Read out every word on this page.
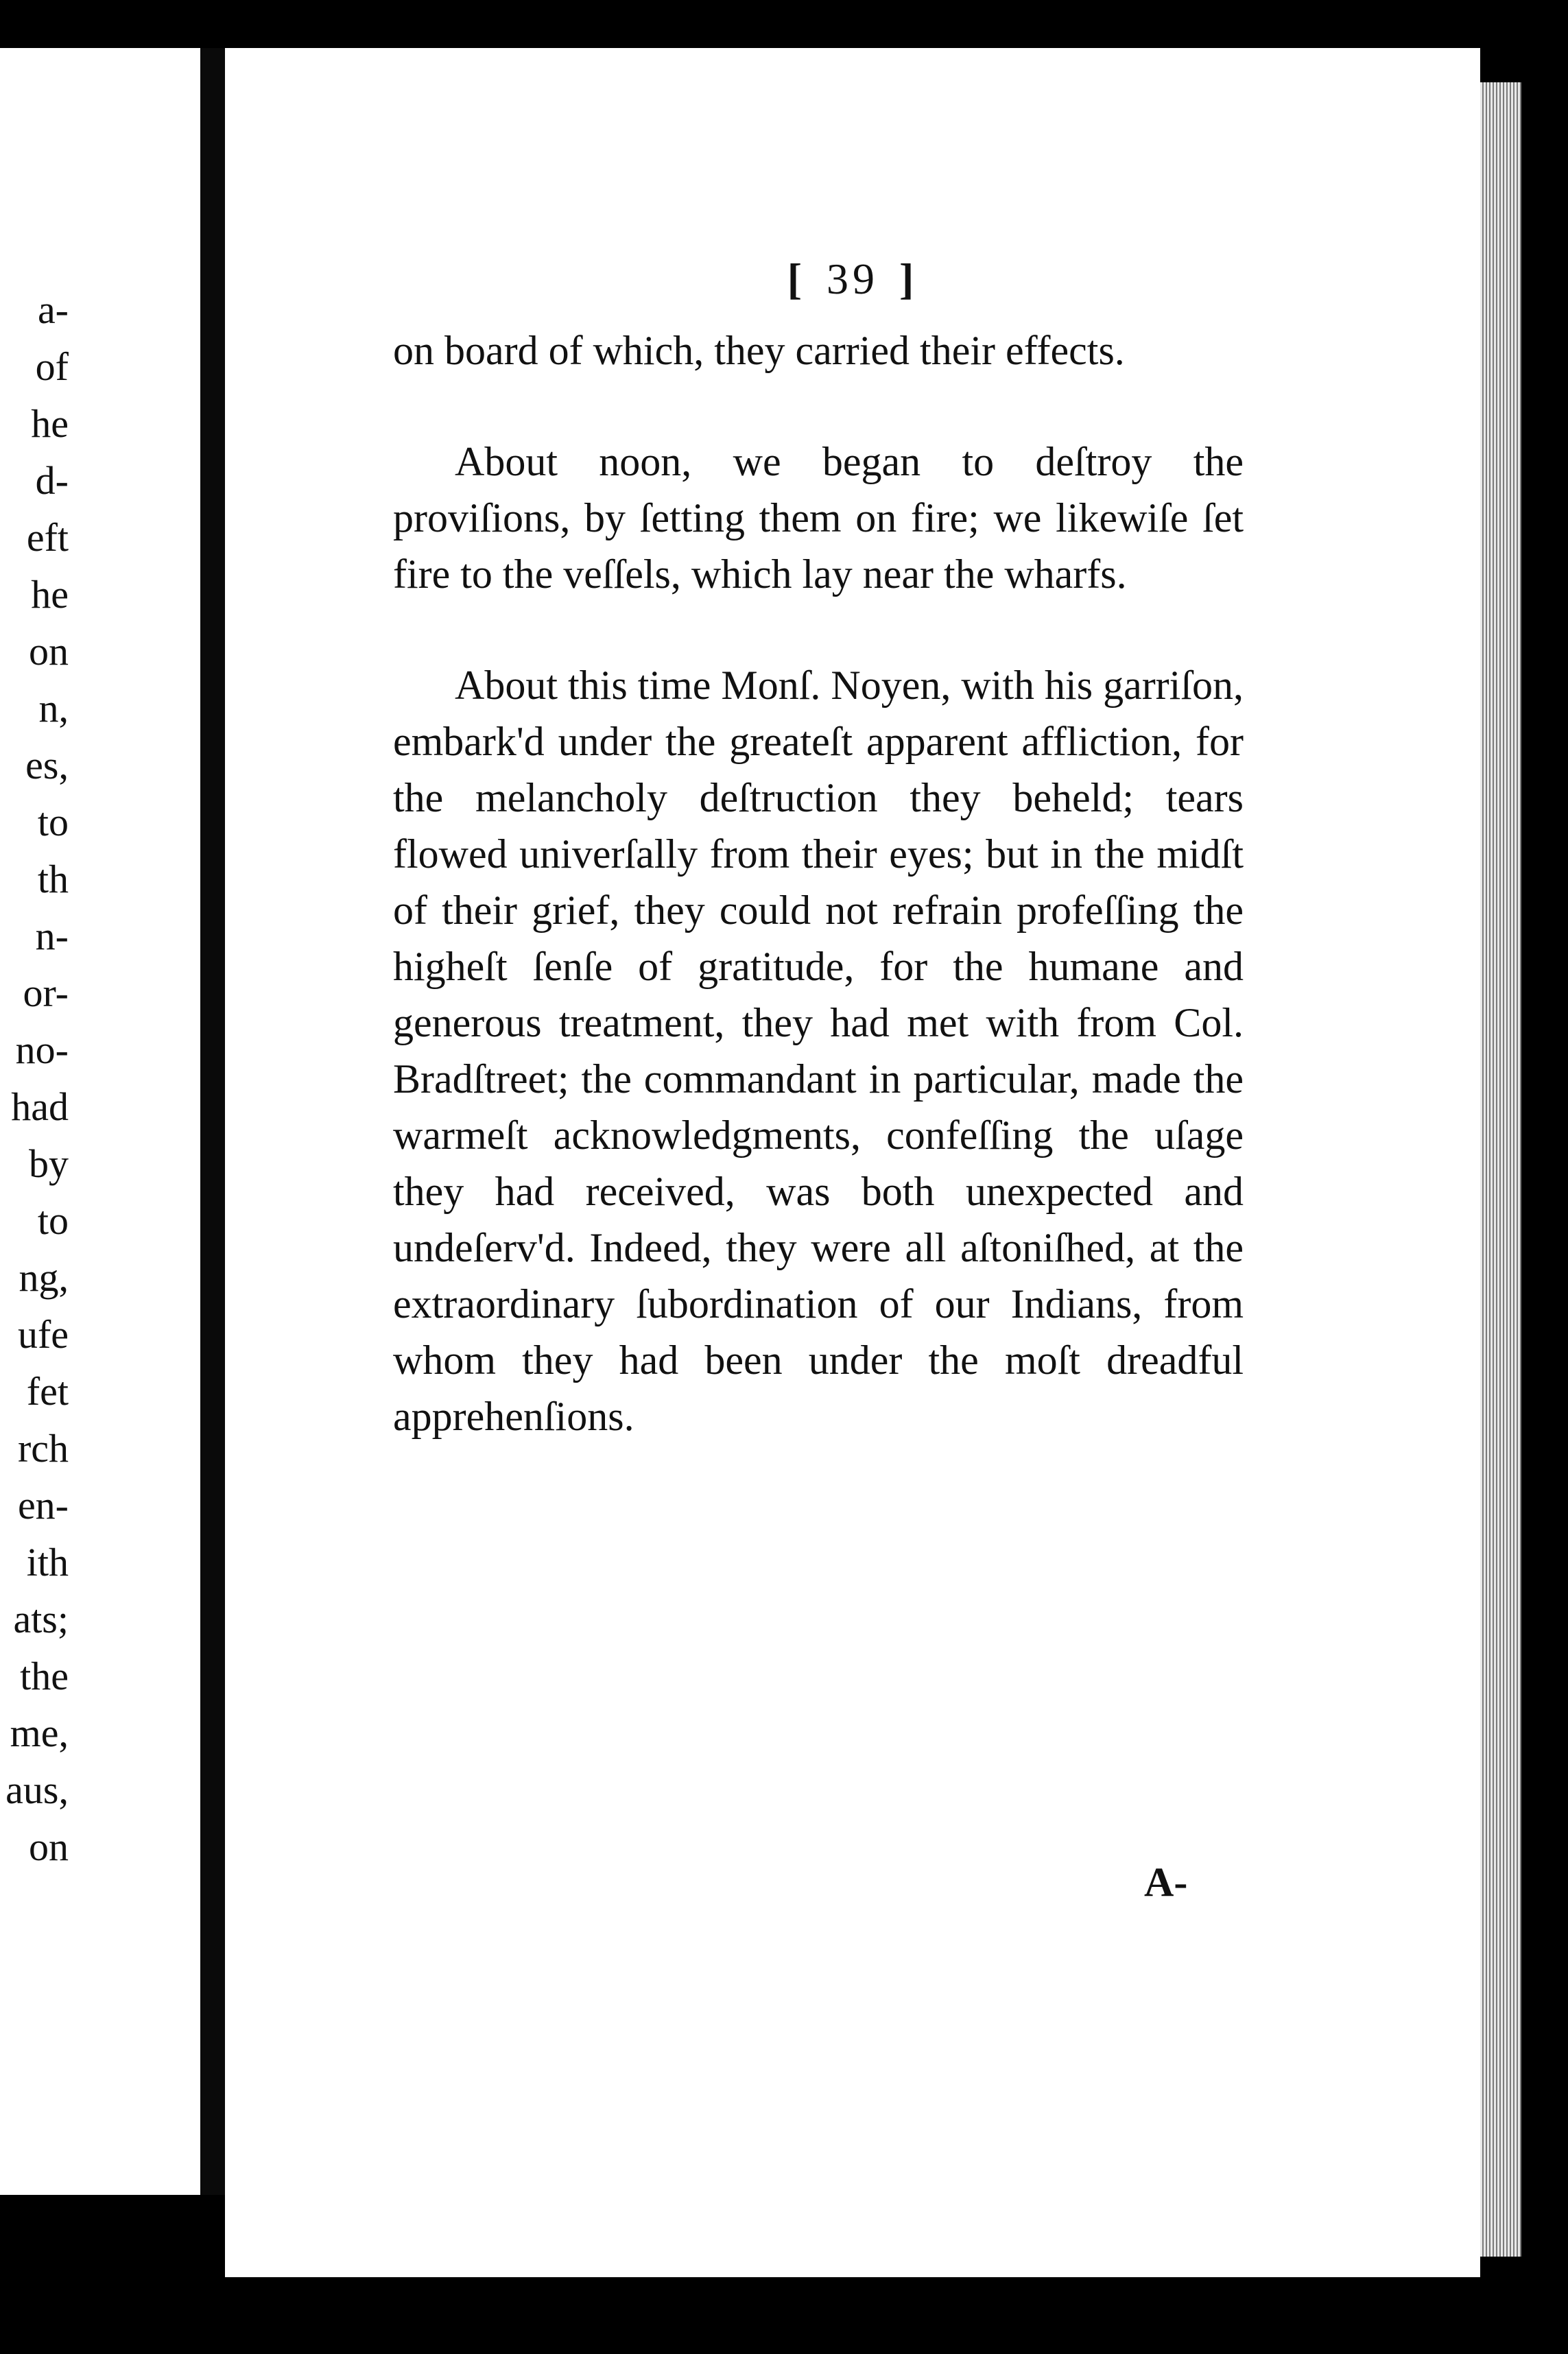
a-
of
he
d-
eft
he
on
n,
es,
to
th
n-
or-
no-
had
by
to
ng,
ufe
fet
rch
en-
ith
ats;
the
me,
aus,
on
[ 39 ]

on board of which, they carried their effects.

About noon, we began to deſtroy the proviſions, by ſetting them on fire; we likewiſe ſet fire to the veſſels, which lay near the wharfs.

About this time Monſ. Noyen, with his garriſon, embark'd under the greateſt apparent affliction, for the melancholy deſtruction they beheld; tears flowed univerſally from their eyes; but in the midſt of their grief, they could not refrain profeſſing the higheſt ſenſe of gratitude, for the humane and generous treatment, they had met with from Col. Bradſtreet; the commandant in particular, made the warmeſt acknowledgments, confeſſing the uſage they had received, was both unexpected and undeſerv'd. Indeed, they were all aſtoniſhed, at the extraordinary ſubordination of our Indians, from whom they had been under the moſt dreadful apprehenſions.

A-
